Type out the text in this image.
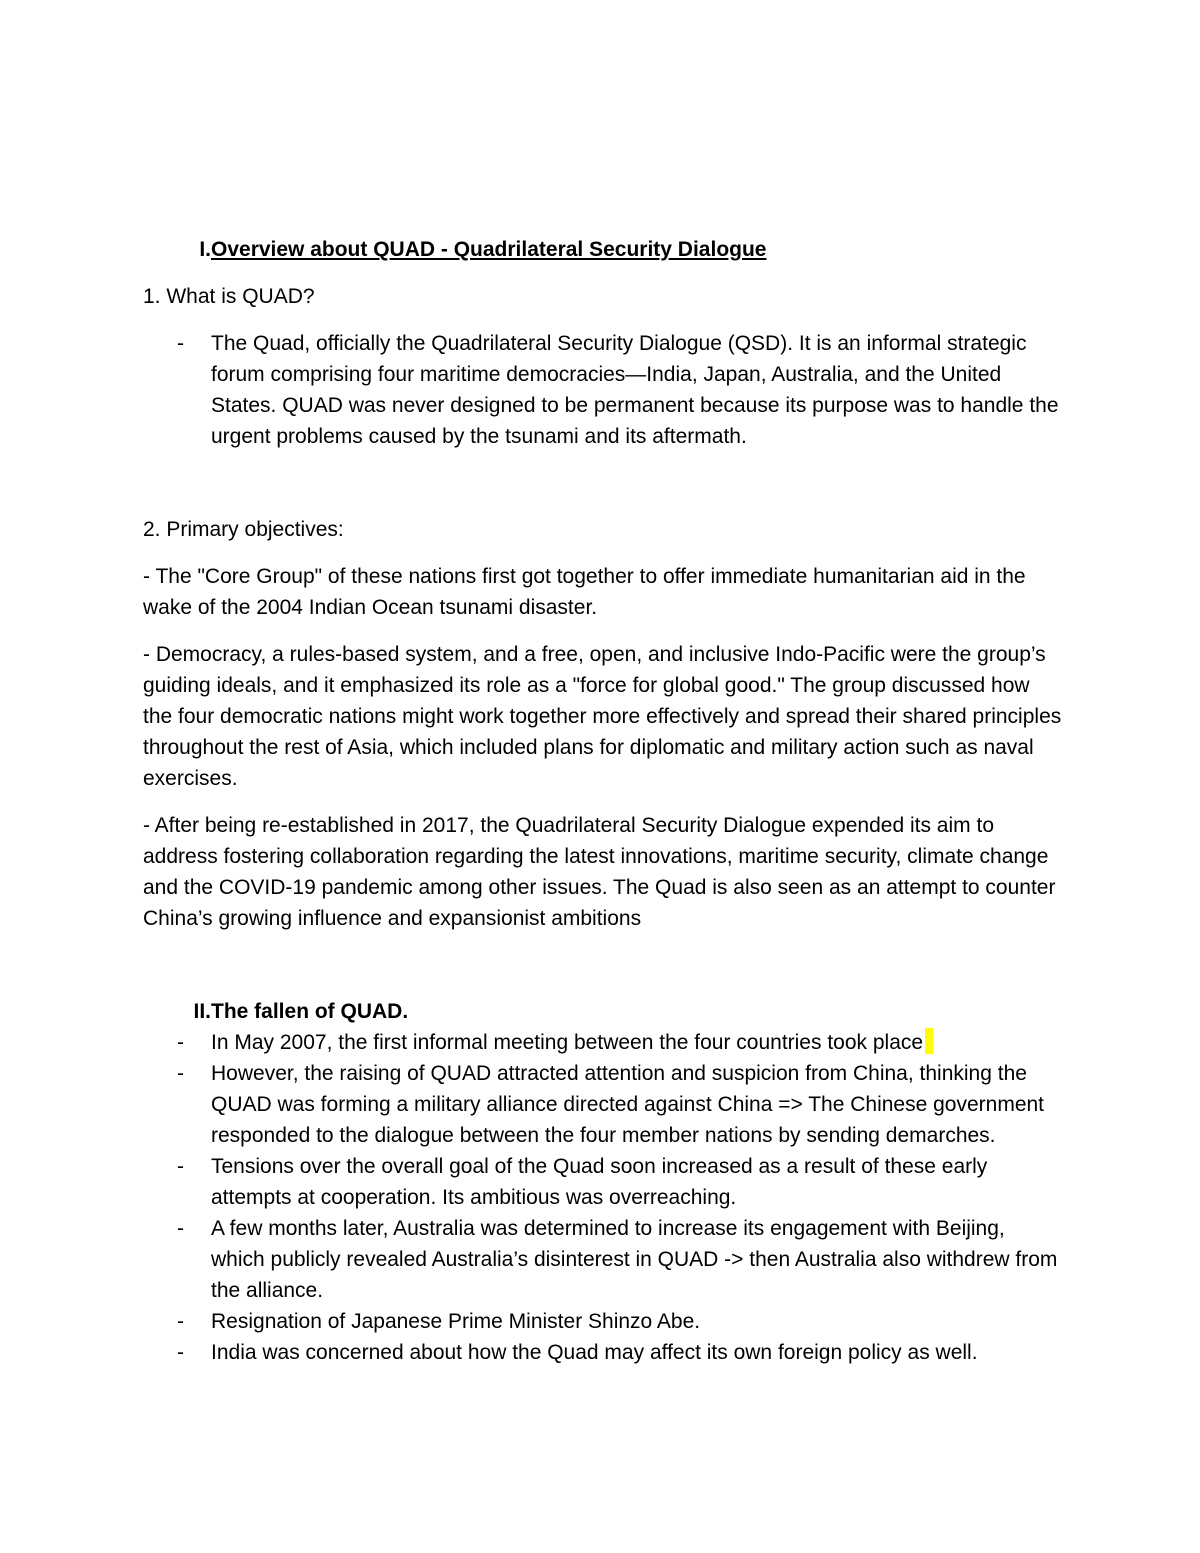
I. Overview about QUAD - Quadrilateral Security Dialogue

1. What is QUAD?

-	The Quad, officially the Quadrilateral Security Dialogue (QSD). It is an informal strategic forum comprising four maritime democracies—India, Japan, Australia, and the United States. QUAD was never designed to be permanent because its purpose was to handle the urgent problems caused by the tsunami and its aftermath.

2. Primary objectives:

- The "Core Group" of these nations first got together to offer immediate humanitarian aid in the wake of the 2004 Indian Ocean tsunami disaster.

- Democracy, a rules-based system, and a free, open, and inclusive Indo-Pacific were the group’s guiding ideals, and it emphasized its role as a "force for global good." The group discussed how the four democratic nations might work together more effectively and spread their shared principles throughout the rest of Asia, which included plans for diplomatic and military action such as naval exercises.

- After being re-established in 2017, the Quadrilateral Security Dialogue expended its aim to address fostering collaboration regarding the latest innovations, maritime security, climate change and the COVID-19 pandemic among other issues. The Quad is also seen as an attempt to counter China’s growing influence and expansionist ambitions

II. The fallen of QUAD.
-	In May 2007, the first informal meeting between the four countries took place
-	However, the raising of QUAD attracted attention and suspicion from China, thinking the QUAD was forming a military alliance directed against China => The Chinese government responded to the dialogue between the four member nations by sending demarches.
-	Tensions over the overall goal of the Quad soon increased as a result of these early attempts at cooperation. Its ambitious was overreaching.
-	A few months later, Australia was determined to increase its engagement with Beijing, which publicly revealed Australia’s disinterest in QUAD -> then Australia also withdrew from the alliance.
-	Resignation of Japanese Prime Minister Shinzo Abe.
-	India was concerned about how the Quad may affect its own foreign policy as well.
